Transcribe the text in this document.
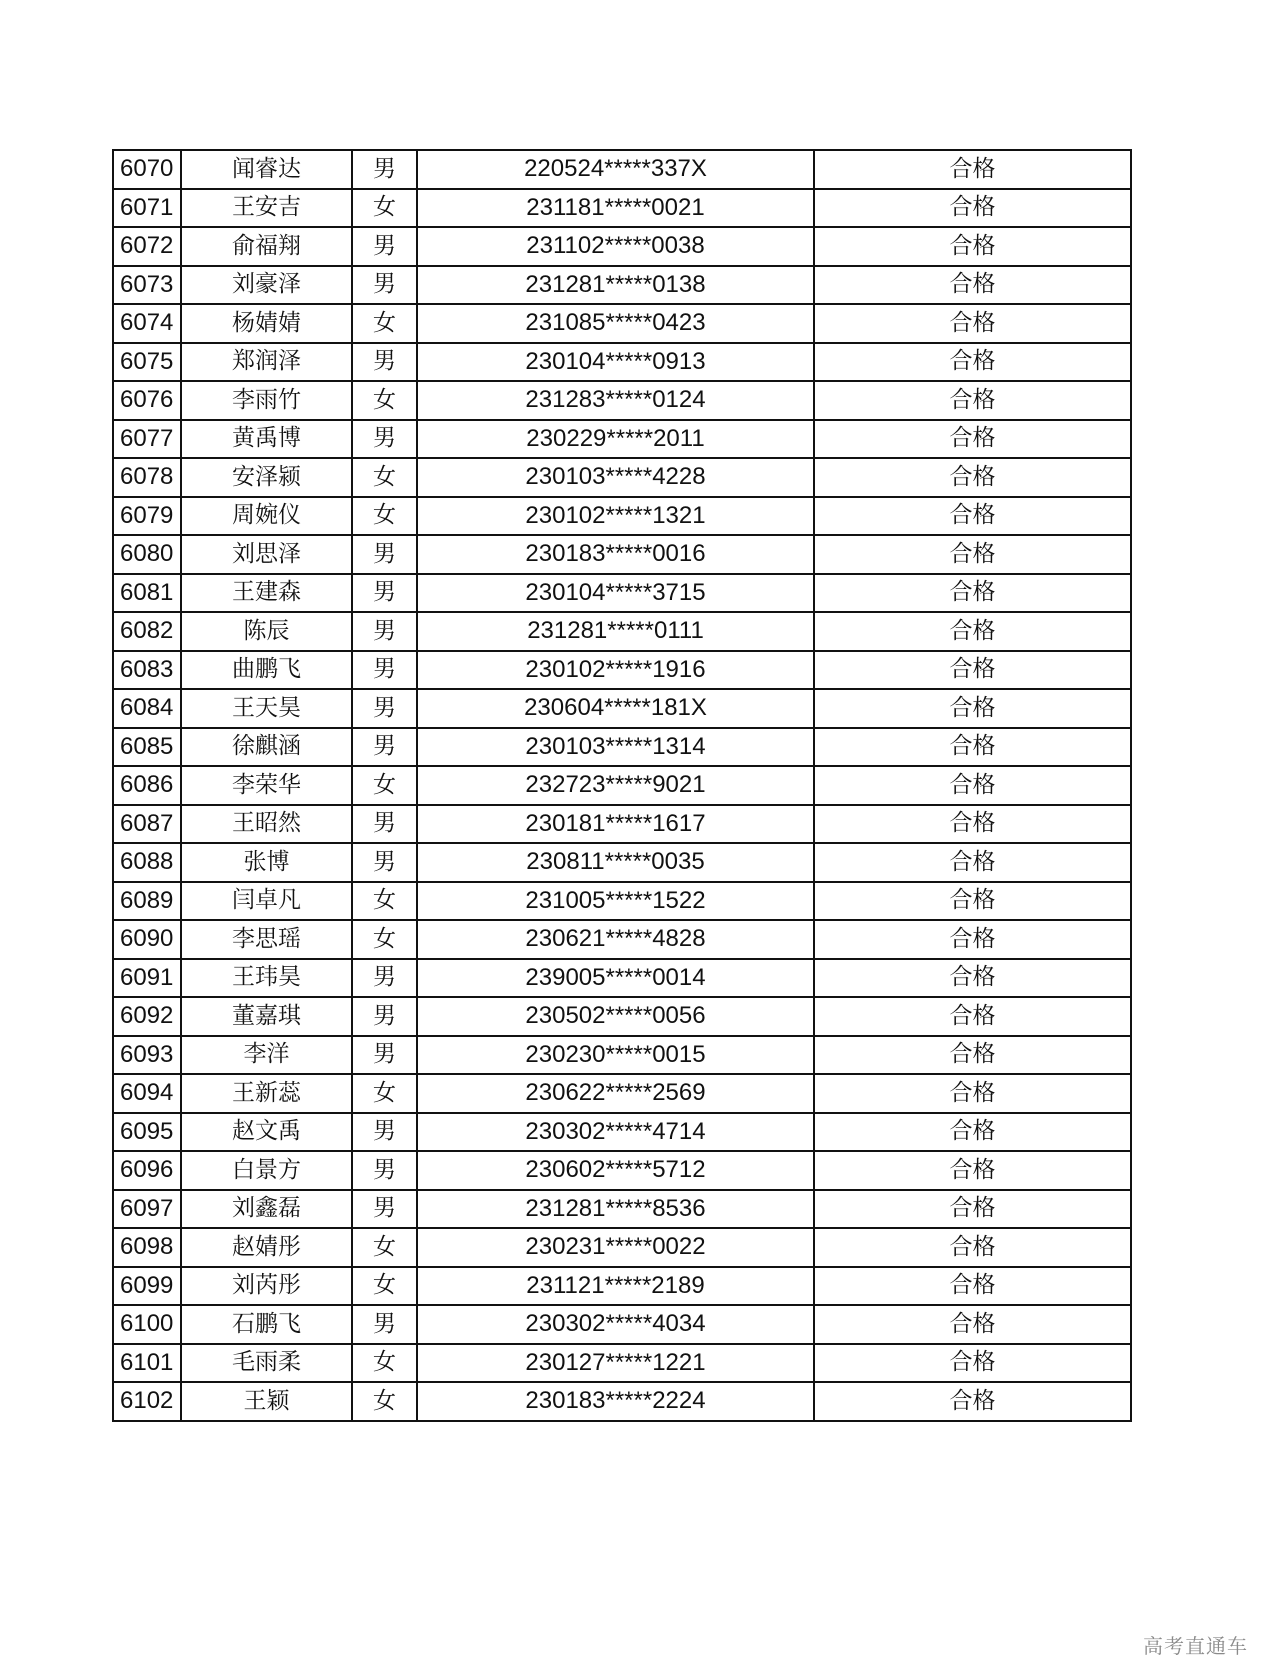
6070	闻睿达	男	220524*****337X	合格
6071	王安吉	女	231181*****0021	合格
6072	俞福翔	男	231102*****0038	合格
6073	刘豪泽	男	231281*****0138	合格
6074	杨婧婧	女	231085*****0423	合格
6075	郑润泽	男	230104*****0913	合格
6076	李雨竹	女	231283*****0124	合格
6077	黄禹博	男	230229*****2011	合格
6078	安泽颍	女	230103*****4228	合格
6079	周婉仪	女	230102*****1321	合格
6080	刘思泽	男	230183*****0016	合格
6081	王建森	男	230104*****3715	合格
6082	陈辰	男	231281*****0111	合格
6083	曲鹏飞	男	230102*****1916	合格
6084	王天昊	男	230604*****181X	合格
6085	徐麒涵	男	230103*****1314	合格
6086	李荣华	女	232723*****9021	合格
6087	王昭然	男	230181*****1617	合格
6088	张博	男	230811*****0035	合格
6089	闫卓凡	女	231005*****1522	合格
6090	李思瑶	女	230621*****4828	合格
6091	王玮昊	男	239005*****0014	合格
6092	董嘉琪	男	230502*****0056	合格
6093	李洋	男	230230*****0015	合格
6094	王新蕊	女	230622*****2569	合格
6095	赵文禹	男	230302*****4714	合格
6096	白景方	男	230602*****5712	合格
6097	刘鑫磊	男	231281*****8536	合格
6098	赵婧彤	女	230231*****0022	合格
6099	刘芮彤	女	231121*****2189	合格
6100	石鹏飞	男	230302*****4034	合格
6101	毛雨柔	女	230127*****1221	合格
6102	王颖	女	230183*****2224	合格
高考直通车
